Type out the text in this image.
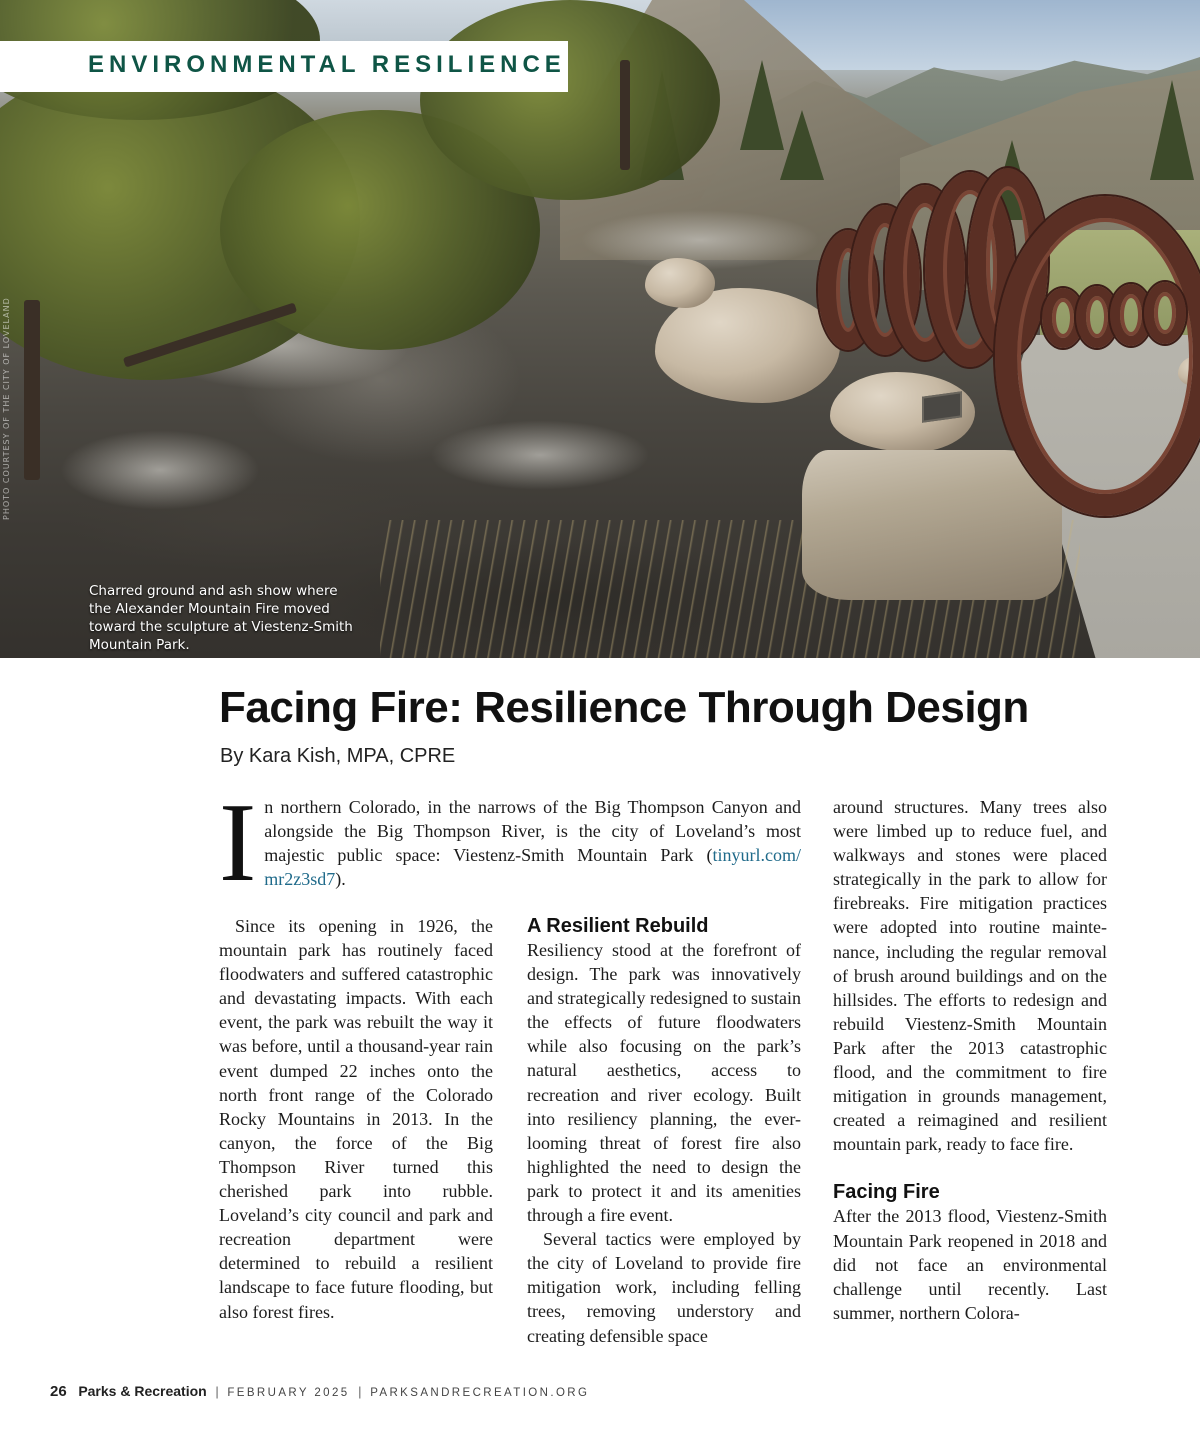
ENVIRONMENTAL RESILIENCE
PHOTO COURTESY OF THE CITY OF LOVELAND
Charred ground and ash show where the Alexander Mountain Fire moved toward the sculpture at Viestenz-Smith Mountain Park.
Facing Fire: Resilience Through Design
By Kara Kish, MPA, CPRE

In northern Colorado, in the narrows of the Big Thompson Canyon and alongside the Big Thompson River, is the city of Loveland’s most majestic public space: Viestenz-Smith Mountain Park (tinyurl.com/​mr2z3sd7).

Since its opening in 1926, the mountain park has routinely faced floodwaters and suffered catastrophic and devastating impacts. With each event, the park was rebuilt the way it was before, until a thousand-year rain event dumped 22 inches onto the north front range of the Colorado Rocky Mountains in 2013. In the canyon, the force of the Big Thompson River turned this cherished park into rubble. Loveland’s city council and park and recreation department were determined to rebuild a resilient landscape to face future flooding, but also forest fires.

A Resilient Rebuild

Resiliency stood at the forefront of design. The park was innovatively and strategically redesigned to sustain the effects of future floodwaters while also focusing on the park’s natural aesthetics, access to recreation and river ecology. Built into resiliency planning, the ever-looming threat of forest fire also highlighted the need to design the park to protect it and its amenities through a fire event.

Several tactics were employed by the city of Loveland to provide fire mitigation work, including felling trees, removing understory and creating defensible space

around structures. Many trees also were limbed up to reduce fuel, and walkways and stones were placed strategically in the park to allow for firebreaks. Fire mitigation practices were adopted into routine maintenance, including the regular removal of brush around buildings and on the hillsides. The efforts to redesign and rebuild Viestenz-Smith Mountain Park after the 2013 catastrophic flood, and the commitment to fire mitigation in grounds management, created a reimagined and resilient mountain park, ready to face fire.

Facing Fire

After the 2013 flood, Viestenz-Smith Mountain Park reopened in 2018 and did not face an environmental challenge until recently. Last summer, northern Colora-

26 Parks & Recreation | FEBRUARY 2025 | PARKSANDRECREATION.ORG
